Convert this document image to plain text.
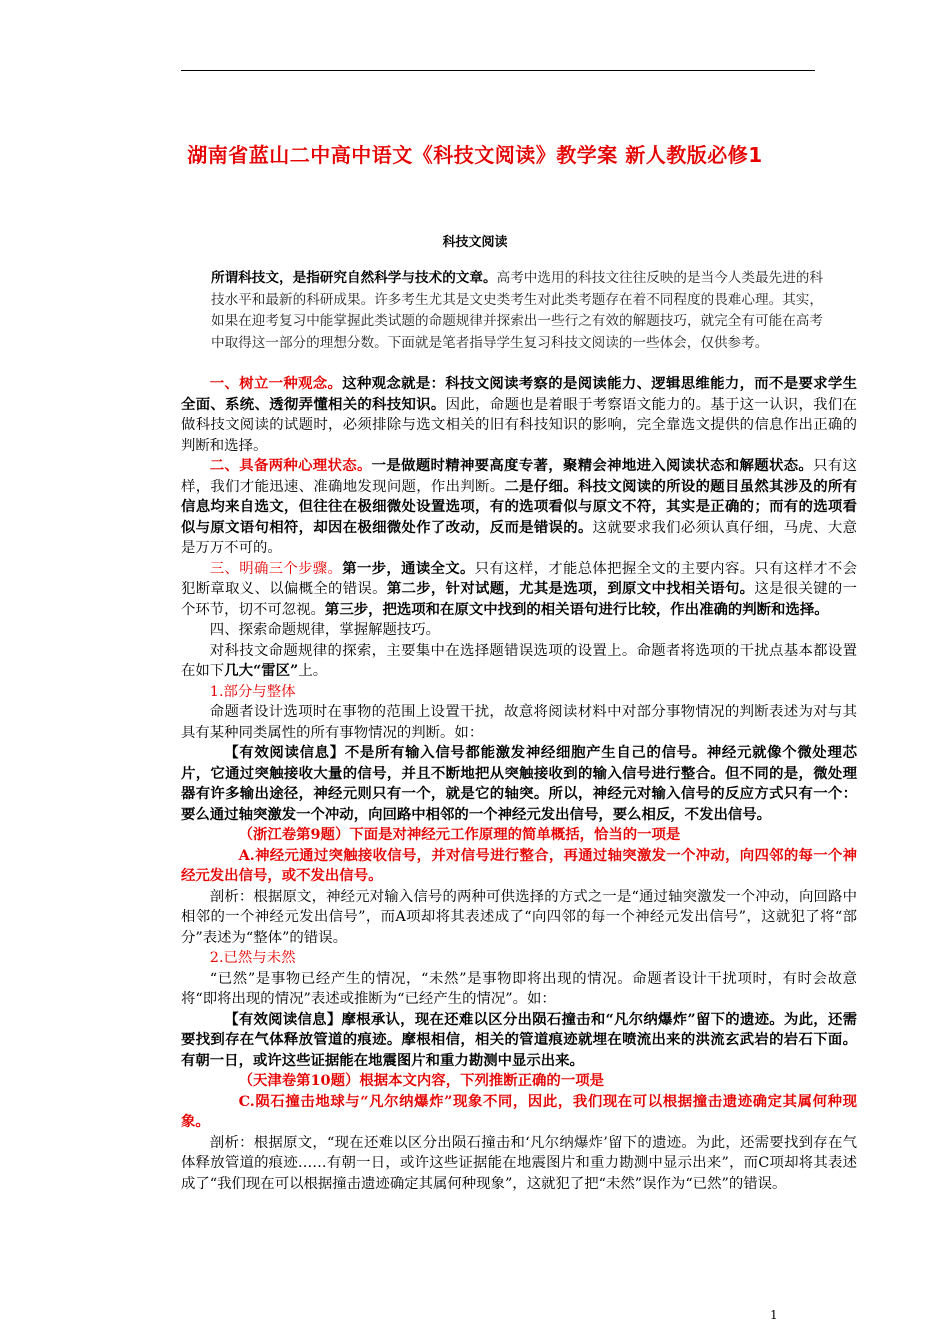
湖南省蓝山二中高中语文《科技文阅读》教学案 新人教版必修1
科技文阅读

所谓科技文，是指研究自然科学与技术的文章。高考中选用的科技文往往反映的是当今人类最先进的科技水平和最新的科研成果。许多考生尤其是文史类考生对此类考题存在着不同程度的畏难心理。其实，如果在迎考复习中能掌握此类试题的命题规律并探索出一些行之有效的解题技巧，就完全有可能在高考中取得这一部分的理想分数。下面就是笔者指导学生复习科技文阅读的一些体会，仅供参考。

一、树立一种观念。这种观念就是：科技文阅读考察的是阅读能力、逻辑思维能力，而不是要求学生全面、系统、透彻弄懂相关的科技知识。因此，命题也是着眼于考察语文能力的。基于这一认识，我们在做科技文阅读的试题时，必须排除与选文相关的旧有科技知识的影响，完全靠选文提供的信息作出正确的判断和选择。

二、具备两种心理状态。一是做题时精神要高度专著，聚精会神地进入阅读状态和解题状态。只有这样，我们才能迅速、准确地发现问题，作出判断。二是仔细。科技文阅读的所设的题目虽然其涉及的所有信息均来自选文，但往往在极细微处设置选项，有的选项看似与原文不符，其实是正确的；而有的选项看似与原文语句相符，却因在极细微处作了改动，反而是错误的。这就要求我们必须认真仔细，马虎、大意是万万不可的。

三、明确三个步骤。第一步，通读全文。只有这样，才能总体把握全文的主要内容。只有这样才不会犯断章取义、以偏概全的错误。第二步，针对试题，尤其是选项，到原文中找相关语句。这是很关键的一个环节，切不可忽视。第三步，把选项和在原文中找到的相关语句进行比较，作出准确的判断和选择。

四、探索命题规律，掌握解题技巧。

对科技文命题规律的探索，主要集中在选择题错误选项的设置上。命题者将选项的干扰点基本都设置在如下几大“雷区”上。

1.部分与整体

命题者设计选项时在事物的范围上设置干扰，故意将阅读材料中对部分事物情况的判断表述为对与其具有某种同类属性的所有事物情况的判断。如：

【有效阅读信息】不是所有输入信号都能激发神经细胞产生自己的信号。神经元就像个微处理芯片，它通过突触接收大量的信号，并且不断地把从突触接收到的输入信号进行整合。但不同的是，微处理器有许多输出途径，神经元则只有一个，就是它的轴突。所以，神经元对输入信号的反应方式只有一个：要么通过轴突激发一个冲动，向回路中相邻的一个神经元发出信号，要么相反，不发出信号。

（浙江卷第9题）下面是对神经元工作原理的简单概括，恰当的一项是

A.神经元通过突触接收信号，并对信号进行整合，再通过轴突激发一个冲动，向四邻的每一个神经元发出信号，或不发出信号。

剖析：根据原文，神经元对输入信号的两种可供选择的方式之一是“通过轴突激发一个冲动，向回路中相邻的一个神经元发出信号”，而A项却将其表述成了“向四邻的每一个神经元发出信号”，这就犯了将“部分”表述为“整体”的错误。

2.已然与未然

“已然”是事物已经产生的情况，“未然”是事物即将出现的情况。命题者设计干扰项时，有时会故意将“即将出现的情况”表述或推断为“已经产生的情况”。如：

【有效阅读信息】摩根承认，现在还难以区分出陨石撞击和“凡尔纳爆炸”留下的遗迹。为此，还需要找到存在气体释放管道的痕迹。摩根相信，相关的管道痕迹就埋在喷流出来的洪流玄武岩的岩石下面。有朝一日，或许这些证据能在地震图片和重力勘测中显示出来。

（天津卷第10题）根据本文内容，下列推断正确的一项是

C.陨石撞击地球与“凡尔纳爆炸”现象不同，因此，我们现在可以根据撞击遗迹确定其属何种现象。

剖析：根据原文，“现在还难以区分出陨石撞击和‘凡尔纳爆炸’留下的遗迹。为此，还需要找到存在气体释放管道的痕迹……有朝一日，或许这些证据能在地震图片和重力勘测中显示出来”，而C项却将其表述成了“我们现在可以根据撞击遗迹确定其属何种现象”，这就犯了把“未然”误作为“已然”的错误。

1
